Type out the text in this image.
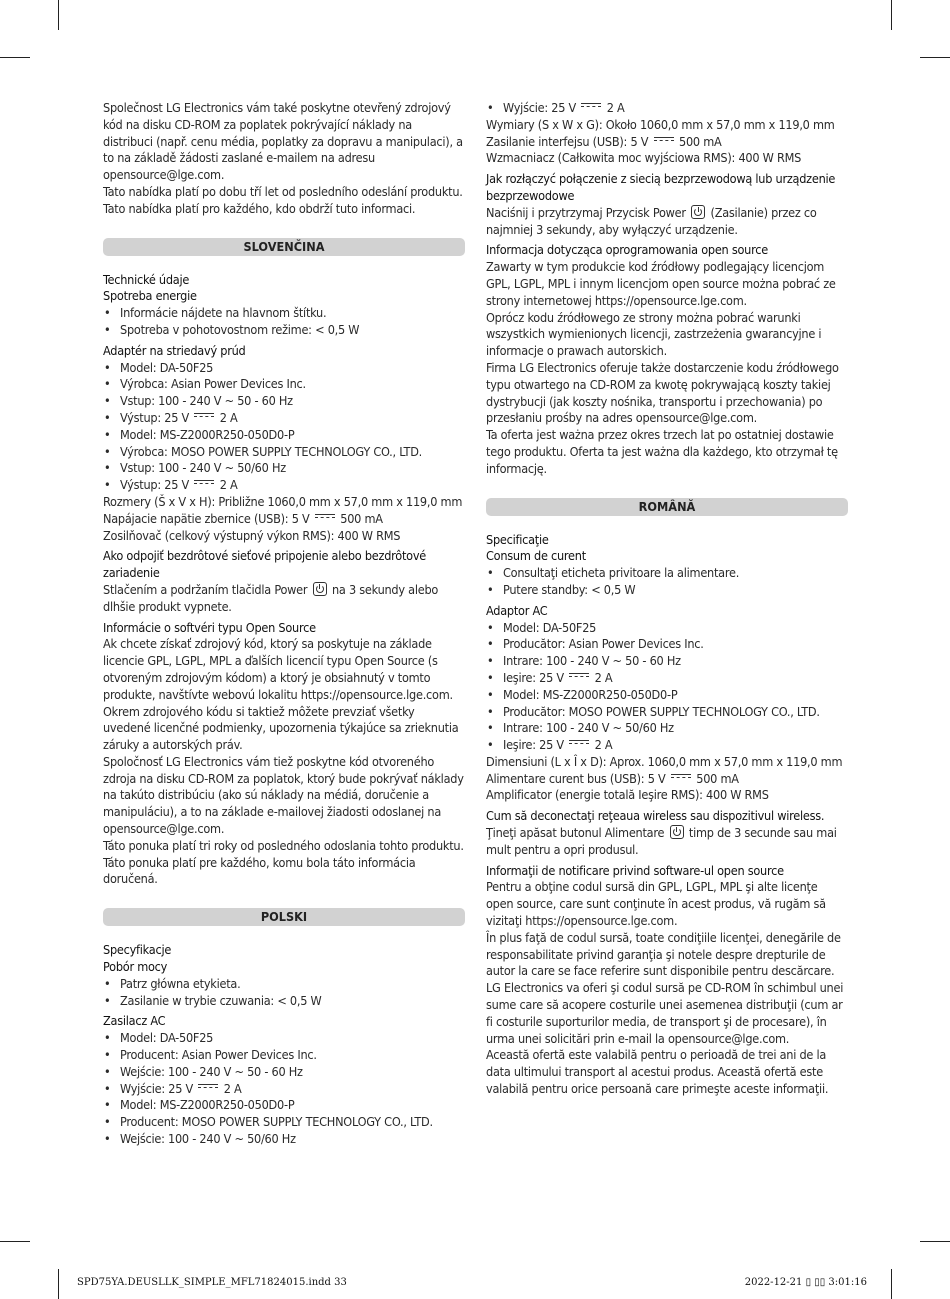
Společnost LG Electronics vám také poskytne otevřený zdrojový kód na disku CD-ROM za poplatek pokrývající náklady na distribuci (např. cenu média, poplatky za dopravu a manipulaci), a to na základě žádosti zaslané e-mailem na adresu opensource@lge.com.

Tato nabídka platí po dobu tří let od posledního odeslání produktu. Tato nabídka platí pro každého, kdo obdrží tuto informaci.

SLOVENČINA

Technické údaje

Spotreba energie

• Informácie nájdete na hlavnom štítku.
• Spotreba v pohotovostnom režime: < 0,5 W

Adaptér na striedavý prúd

• Model: DA-50F25
• Výrobca: Asian Power Devices Inc.
• Vstup: 100 - 240 V ~ 50 - 60 Hz
• Výstup: 25 V 2 A
• Model: MS-Z2000R250-050D0-P
• Výrobca: MOSO POWER SUPPLY TECHNOLOGY CO., LTD.
• Vstup: 100 - 240 V ~ 50/60 Hz
• Výstup: 25 V 2 A

Rozmery (Š x V x H): Približne 1060,0 mm x 57,0 mm x 119,0 mm

Napájacie napätie zbernice (USB): 5 V 500 mA

Zosilňovač (celkový výstupný výkon RMS): 400 W RMS

Ako odpojiť bezdrôtové sieťové pripojenie alebo bezdrôtové zariadenie

Stlačením a podržaním tlačidla Power  na 3 sekundy alebo dlhšie produkt vypnete.

Informácie o softvéri typu Open Source

Ak chcete získať zdrojový kód, ktorý sa poskytuje na základe licencie GPL, LGPL, MPL a ďalších licencií typu Open Source (s otvoreným zdrojovým kódom) a ktorý je obsiahnutý v tomto produkte, navštívte webovú lokalitu https://opensource.lge.com.

Okrem zdrojového kódu si taktiež môžete prevziať všetky uvedené licenčné podmienky, upozornenia týkajúce sa zrieknutia záruky a autorských práv.

Spoločnosť LG Electronics vám tiež poskytne kód otvoreného zdroja na disku CD-ROM za poplatok, ktorý bude pokrývať náklady na takúto distribúciu (ako sú náklady na médiá, doručenie a manipuláciu), a to na základe e-mailovej žiadosti odoslanej na opensource@lge.com.

Táto ponuka platí tri roky od posledného odoslania tohto produktu. Táto ponuka platí pre každého, komu bola táto informácia doručená.

POLSKI

Specyfikacje

Pobór mocy

• Patrz główna etykieta.
• Zasilanie w trybie czuwania: < 0,5 W

Zasilacz AC

• Model: DA-50F25
• Producent: Asian Power Devices Inc.
• Wejście: 100 - 240 V ~ 50 - 60 Hz
• Wyjście: 25 V 2 A
• Model: MS-Z2000R250-050D0-P
• Producent: MOSO POWER SUPPLY TECHNOLOGY CO., LTD.
• Wejście: 100 - 240 V ~ 50/60 Hz
• Wyjście: 25 V 2 A

Wymiary (S x W x G): Około 1060,0 mm x 57,0 mm x 119,0 mm

Zasilanie interfejsu (USB): 5 V 500 mA

Wzmacniacz (Całkowita moc wyjściowa RMS): 400 W RMS

Jak rozłączyć połączenie z siecią bezprzewodową lub urządzenie bezprzewodowe

Naciśnij i przytrzymaj Przycisk Power  (Zasilanie) przez co najmniej 3 sekundy, aby wyłączyć urządzenie.

Informacja dotycząca oprogramowania open source

Zawarty w tym produkcie kod źródłowy podlegający licencjom GPL, LGPL, MPL i innym licencjom open source można pobrać ze strony internetowej https://opensource.lge.com.

Oprócz kodu źródłowego ze strony można pobrać warunki wszystkich wymienionych licencji, zastrzeżenia gwarancyjne i informacje o prawach autorskich.

Firma LG Electronics oferuje także dostarczenie kodu źródłowego typu otwartego na CD-ROM za kwotę pokrywającą koszty takiej dystrybucji (jak koszty nośnika, transportu i przechowania) po przesłaniu prośby na adres opensource@lge.com.

Ta oferta jest ważna przez okres trzech lat po ostatniej dostawie tego produktu. Oferta ta jest ważna dla każdego, kto otrzymał tę informację.

ROMÂNĂ

Specificaţie

Consum de curent

• Consultaţi eticheta privitoare la alimentare.
• Putere standby: < 0,5 W

Adaptor AC

• Model: DA-50F25
• Producător: Asian Power Devices Inc.
• Intrare: 100 - 240 V ~ 50 - 60 Hz
• Ieşire: 25 V 2 A
• Model: MS-Z2000R250-050D0-P
• Producător: MOSO POWER SUPPLY TECHNOLOGY CO., LTD.
• Intrare: 100 - 240 V ~ 50/60 Hz
• Ieşire: 25 V 2 A

Dimensiuni (L x Î x D): Aprox. 1060,0 mm x 57,0 mm x 119,0 mm

Alimentare curent bus (USB): 5 V 500 mA

Amplificator (energie totală Ieşire RMS): 400 W RMS

Cum să deconectaţi reţeaua wireless sau dispozitivul wireless.

Ţineţi apăsat butonul Alimentare  timp de 3 secunde sau mai mult pentru a opri produsul.

Informaţii de notificare privind software-ul open source

Pentru a obţine codul sursă din GPL, LGPL, MPL şi alte licenţe open source, care sunt conţinute în acest produs, vă rugăm să vizitaţi https://opensource.lge.com.

În plus faţă de codul sursă, toate condiţiile licenţei, denegările de responsabilitate privind garanţia şi notele despre drepturile de autor la care se face referire sunt disponibile pentru descărcare.

LG Electronics va oferi şi codul sursă pe CD-ROM în schimbul unei sume care să acopere costurile unei asemenea distribuţii (cum ar fi costurile suporturilor media, de transport şi de procesare), în urma unei solicitări prin e-mail la opensource@lge.com.

Această ofertă este valabilă pentru o perioadă de trei ani de la data ultimului transport al acestui produs. Această ofertă este valabilă pentru orice persoană care primeşte aceste informaţii.

SPD75YA.DEUSLLK_SIMPLE_MFL71824015.indd 33	2022-12-21 ▯ ▯▯ 3:01:16
